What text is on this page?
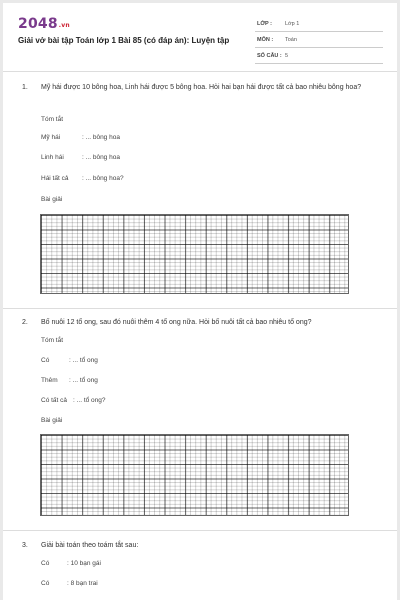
2048.vn
Giải vở bài tập Toán lớp 1 Bài 85 (có đáp án): Luyện tập
LỚP : Lớp 1
MÔN : Toán
SỐ CÂU : 5
1. Mỹ hái được 10 bông hoa, Linh hái được 5 bông hoa. Hỏi hai bạn hái được tất cả bao nhiêu bông hoa?
Tóm tắt
Mỹ hái	: ... bông hoa
Linh hái	: ... bông hoa
Hái tất cả : ... bông hoa?
Bài giải
2. Bố nuôi 12 tổ ong, sau đó nuôi thêm 4 tổ ong nữa. Hỏi bố nuôi tất cả bao nhiêu tổ ong?
Tóm tắt
Có	: ... tổ ong
Thêm : ... tổ ong
Có tất cả : ... tổ ong?
Bài giải
3. Giải bài toán theo toám tắt sau:
Có	: 10 bạn gái
Có	: 8 bạn trai
